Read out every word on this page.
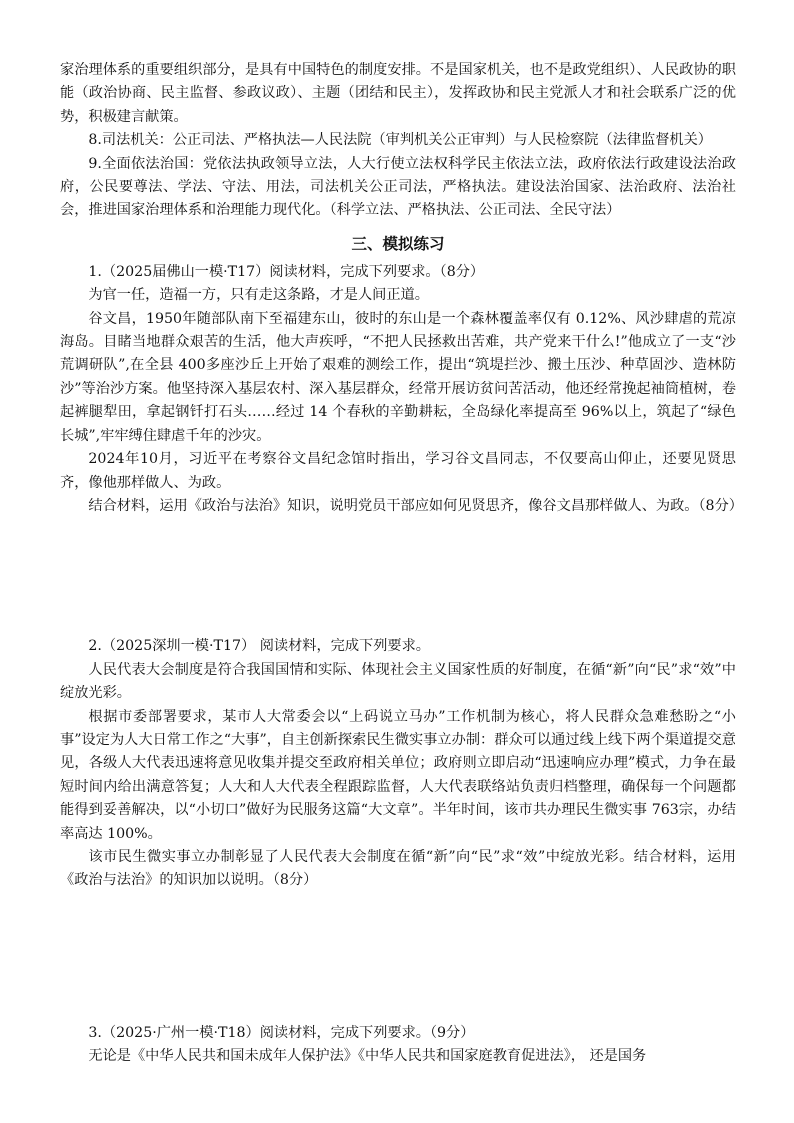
家治理体系的重要组织部分，是具有中国特色的制度安排。不是国家机关，也不是政党组织）、人民政协的职能（政治协商、民主监督、参政议政）、主题（团结和民主），发挥政协和民主党派人才和社会联系广泛的优势，积极建言献策。

8.司法机关：公正司法、严格执法—人民法院（审判机关公正审判）与人民检察院（法律监督机关）

9.全面依法治国：党依法执政领导立法，人大行使立法权科学民主依法立法，政府依法行政建设法治政府，公民要尊法、学法、守法、用法，司法机关公正司法，严格执法。建设法治国家、法治政府、法治社会，推进国家治理体系和治理能力现代化。（科学立法、严格执法、公正司法、全民守法）

三、模拟练习

1.（2025届佛山一模·T17）阅读材料，完成下列要求。（8分）

为官一任，造福一方，只有走这条路，才是人间正道。

谷文昌，1950年随部队南下至福建东山，彼时的东山是一个森林覆盖率仅有 0.12%、风沙肆虐的荒凉海岛。目睹当地群众艰苦的生活，他大声疾呼，“不把人民拯救出苦难，共产党来干什么!”他成立了一支“沙荒调研队”,在全县 400多座沙丘上开始了艰难的测绘工作，提出“筑堤拦沙、搬土压沙、种草固沙、造林防沙”等治沙方案。他坚持深入基层农村、深入基层群众，经常开展访贫问苦活动，他还经常挽起袖筒植树，卷起裤腿犁田，拿起钢钎打石头……经过 14 个春秋的辛勤耕耘，全岛绿化率提高至 96%以上，筑起了“绿色长城”,牢牢缚住肆虐千年的沙灾。

2024年10月，习近平在考察谷文昌纪念馆时指出，学习谷文昌同志，不仅要高山仰止，还要见贤思齐，像他那样做人、为政。

结合材料，运用《政治与法治》知识，说明党员干部应如何见贤思齐，像谷文昌那样做人、为政。（8分）

2.（2025深圳一模·T17） 阅读材料，完成下列要求。

人民代表大会制度是符合我国国情和实际、体现社会主义国家性质的好制度，在循“新”向“民”求“效”中绽放光彩。

根据市委部署要求，某市人大常委会以“上码说立马办”工作机制为核心，将人民群众急难愁盼之“小事”设定为人大日常工作之“大事”，自主创新探索民生微实事立办制：群众可以通过线上线下两个渠道提交意见，各级人大代表迅速将意见收集并提交至政府相关单位；政府则立即启动“迅速响应办理”模式，力争在最短时间内给出满意答复；人大和人大代表全程跟踪监督，人大代表联络站负责归档整理，确保每一个问题都能得到妥善解决，以“小切口”做好为民服务这篇“大文章”。半年时间，该市共办理民生微实事 763宗，办结率高达 100%。

该市民生微实事立办制彰显了人民代表大会制度在循“新”向“民”求“效”中绽放光彩。结合材料，运用《政治与法治》的知识加以说明。（8分）

3.（2025·广州一模·T18）阅读材料，完成下列要求。（9分）

无论是《中华人民共和国未成年人保护法》《中华人民共和国家庭教育促进法》， 还是国务
